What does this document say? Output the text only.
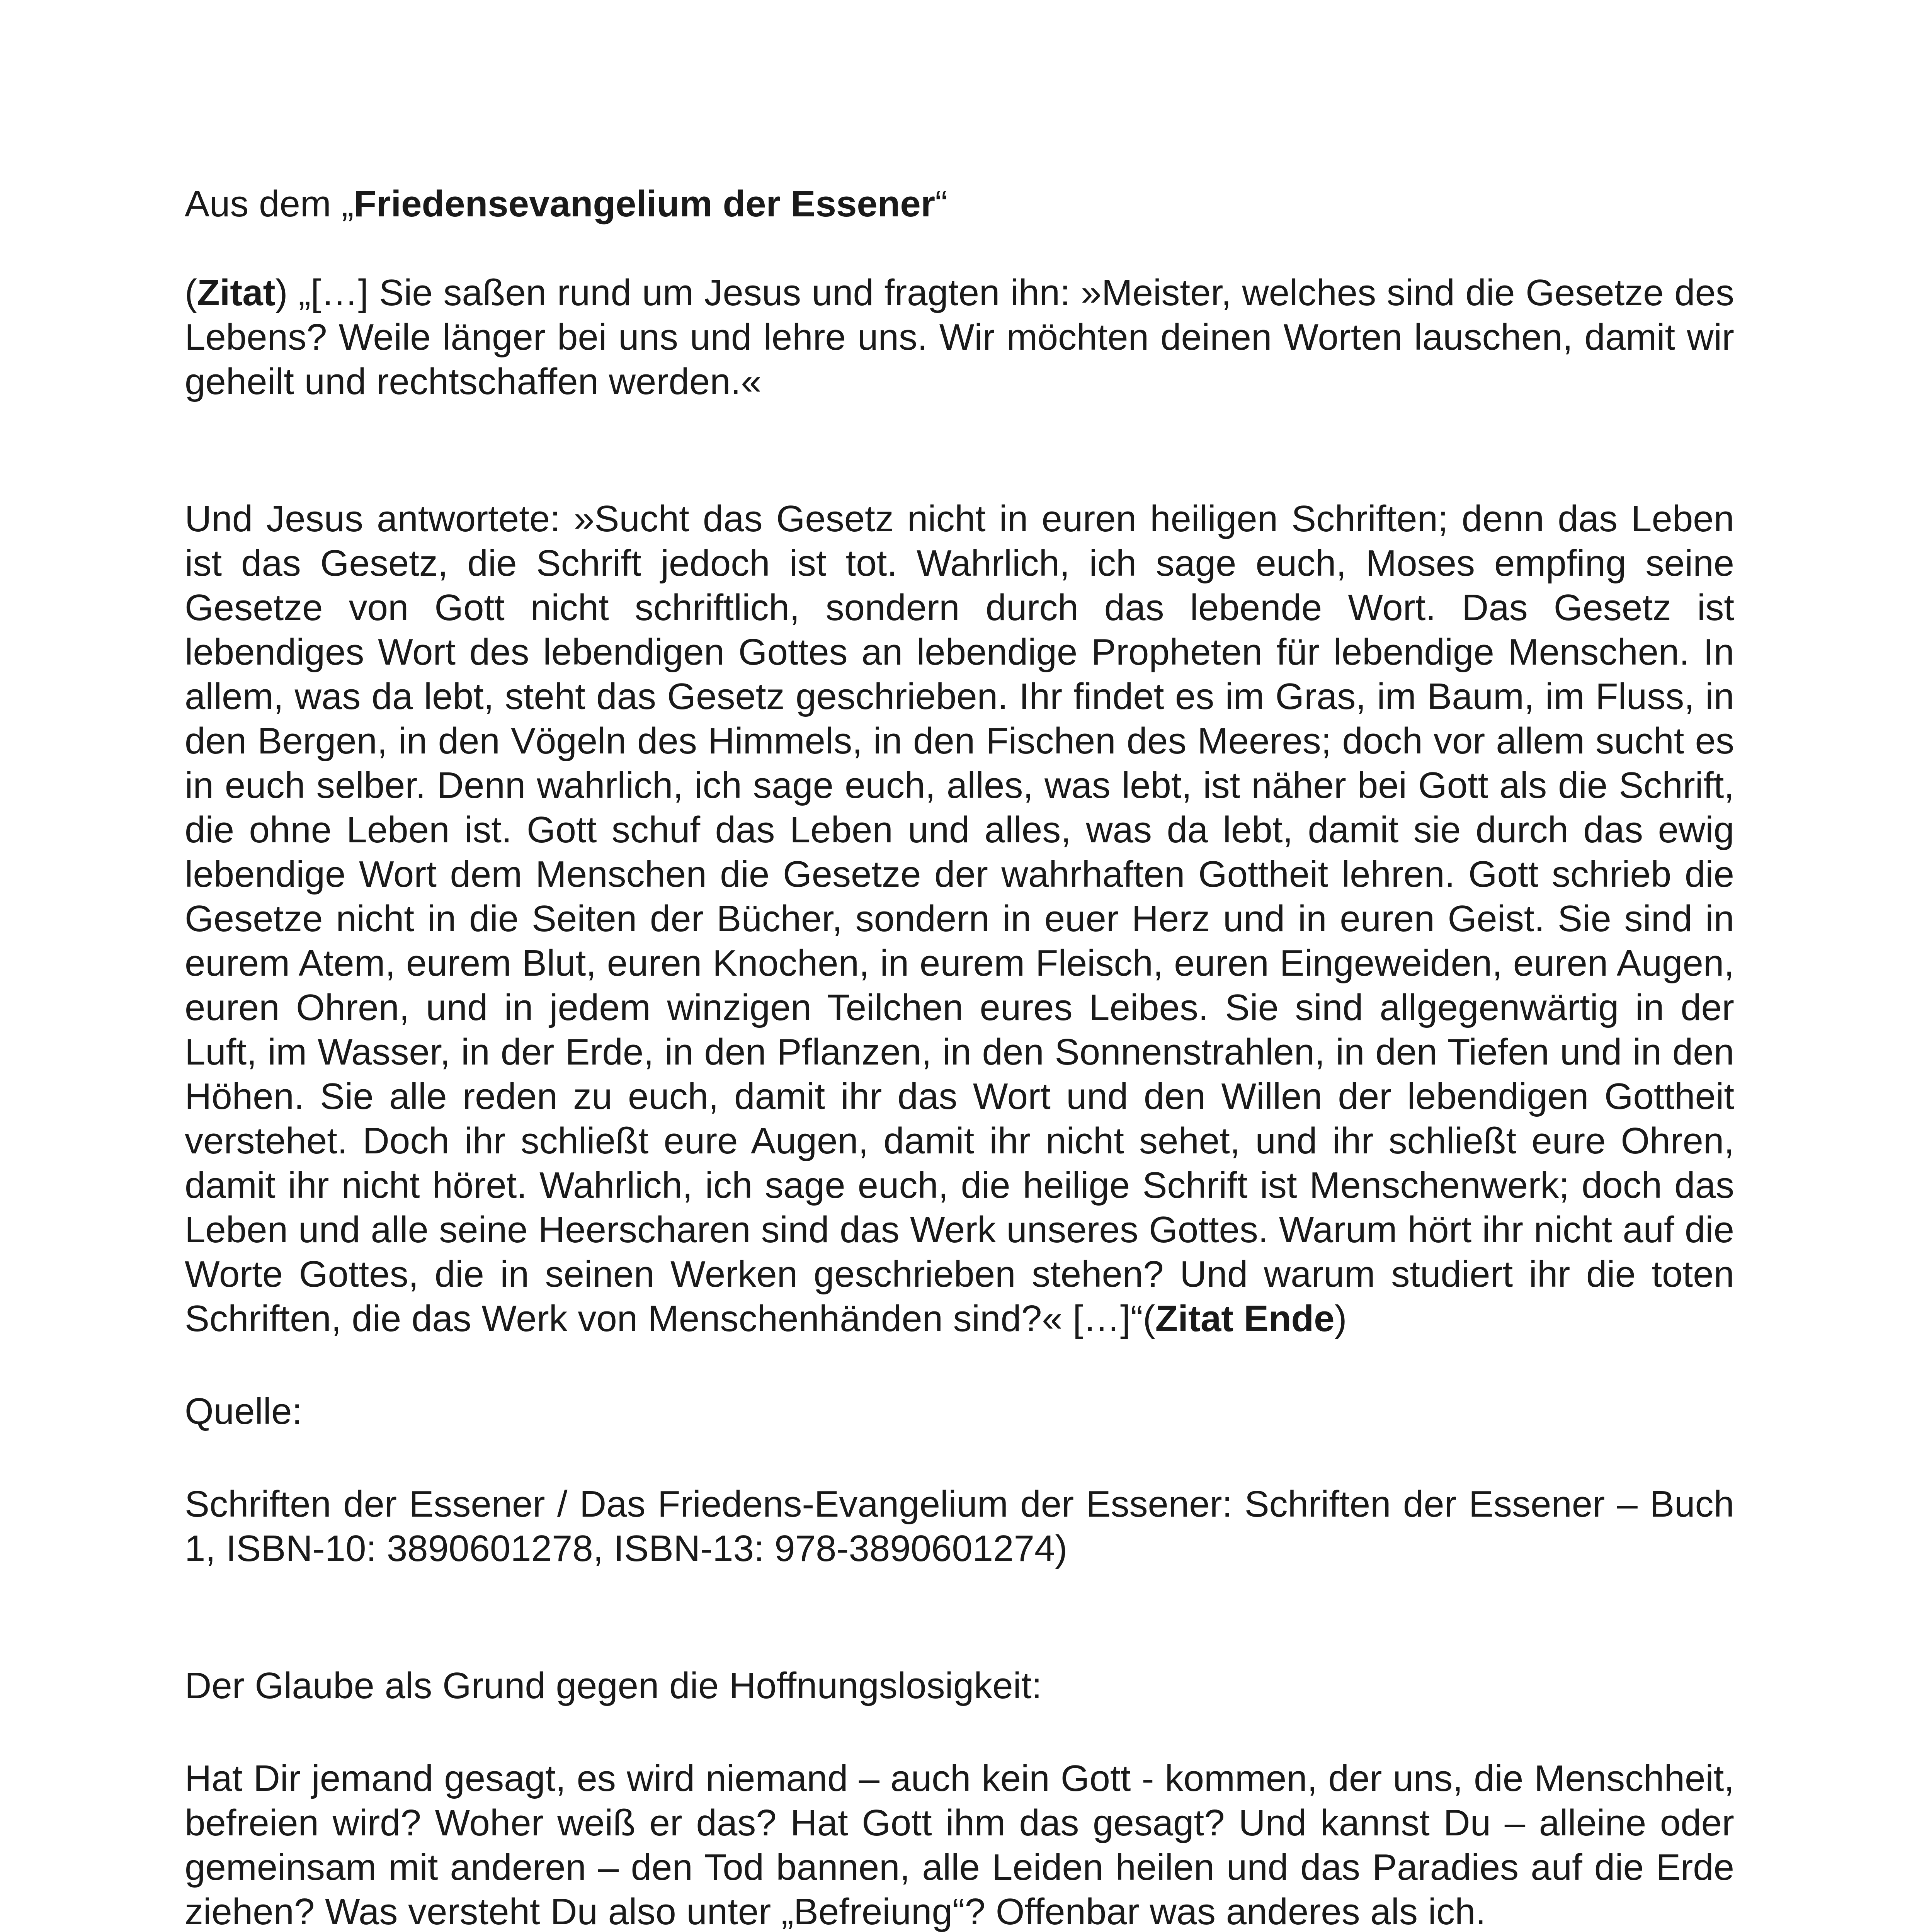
Aus dem „Friedensevangelium der Essener“

(Zitat) „[…] Sie saßen rund um Jesus und fragten ihn: »Meister, welches sind die Gesetze des Lebens? Weile länger bei uns und lehre uns. Wir möchten deinen Worten lauschen, damit wir geheilt und rechtschaffen werden.«

Und Jesus antwortete: »Sucht das Gesetz nicht in euren heiligen Schriften; denn das Leben ist das Gesetz, die Schrift jedoch ist tot. Wahrlich, ich sage euch, Moses empfing seine Gesetze von Gott nicht schriftlich, sondern durch das lebende Wort. Das Gesetz ist lebendiges Wort des lebendigen Gottes an lebendige Propheten für lebendige Menschen. In allem, was da lebt, steht das Gesetz geschrieben. Ihr findet es im Gras, im Baum, im Fluss, in den Bergen, in den Vögeln des Himmels, in den Fischen des Meeres; doch vor allem sucht es in euch selber. Denn wahrlich, ich sage euch, alles, was lebt, ist näher bei Gott als die Schrift, die ohne Leben ist. Gott schuf das Leben und alles, was da lebt, damit sie durch das ewig lebendige Wort dem Menschen die Gesetze der wahrhaften Gottheit lehren. Gott schrieb die Gesetze nicht in die Seiten der Bücher, sondern in euer Herz und in euren Geist. Sie sind in eurem Atem, eurem Blut, euren Knochen, in eurem Fleisch, euren Eingeweiden, euren Augen, euren Ohren, und in jedem winzigen Teilchen eures Leibes. Sie sind allgegenwärtig in der Luft, im Wasser, in der Erde, in den Pflanzen, in den Sonnenstrahlen, in den Tiefen und in den Höhen. Sie alle reden zu euch, damit ihr das Wort und den Willen der lebendigen Gottheit verstehet. Doch ihr schließt eure Augen, damit ihr nicht sehet, und ihr schließt eure Ohren, damit ihr nicht höret. Wahrlich, ich sage euch, die heilige Schrift ist Menschenwerk; doch das Leben und alle seine Heerscharen sind das Werk unseres Gottes. Warum hört ihr nicht auf die Worte Gottes, die in seinen Werken geschrieben stehen? Und warum studiert ihr die toten Schriften, die das Werk von Menschenhänden sind?« […]“(Zitat Ende)

Quelle:

Schriften der Essener / Das Friedens-Evangelium der Essener: Schriften der Essener – Buch 1, ISBN-10: 3890601278, ISBN-13: 978-3890601274)

Der Glaube als Grund gegen die Hoffnungslosigkeit:

Hat Dir jemand gesagt, es wird niemand – auch kein Gott - kommen, der uns, die Menschheit, befreien wird? Woher weiß er das? Hat Gott ihm das gesagt? Und kannst Du – alleine oder gemeinsam mit anderen – den Tod bannen, alle Leiden heilen und das Paradies auf die Erde ziehen? Was versteht Du also unter „Befreiung“? Offenbar was anderes als ich.
